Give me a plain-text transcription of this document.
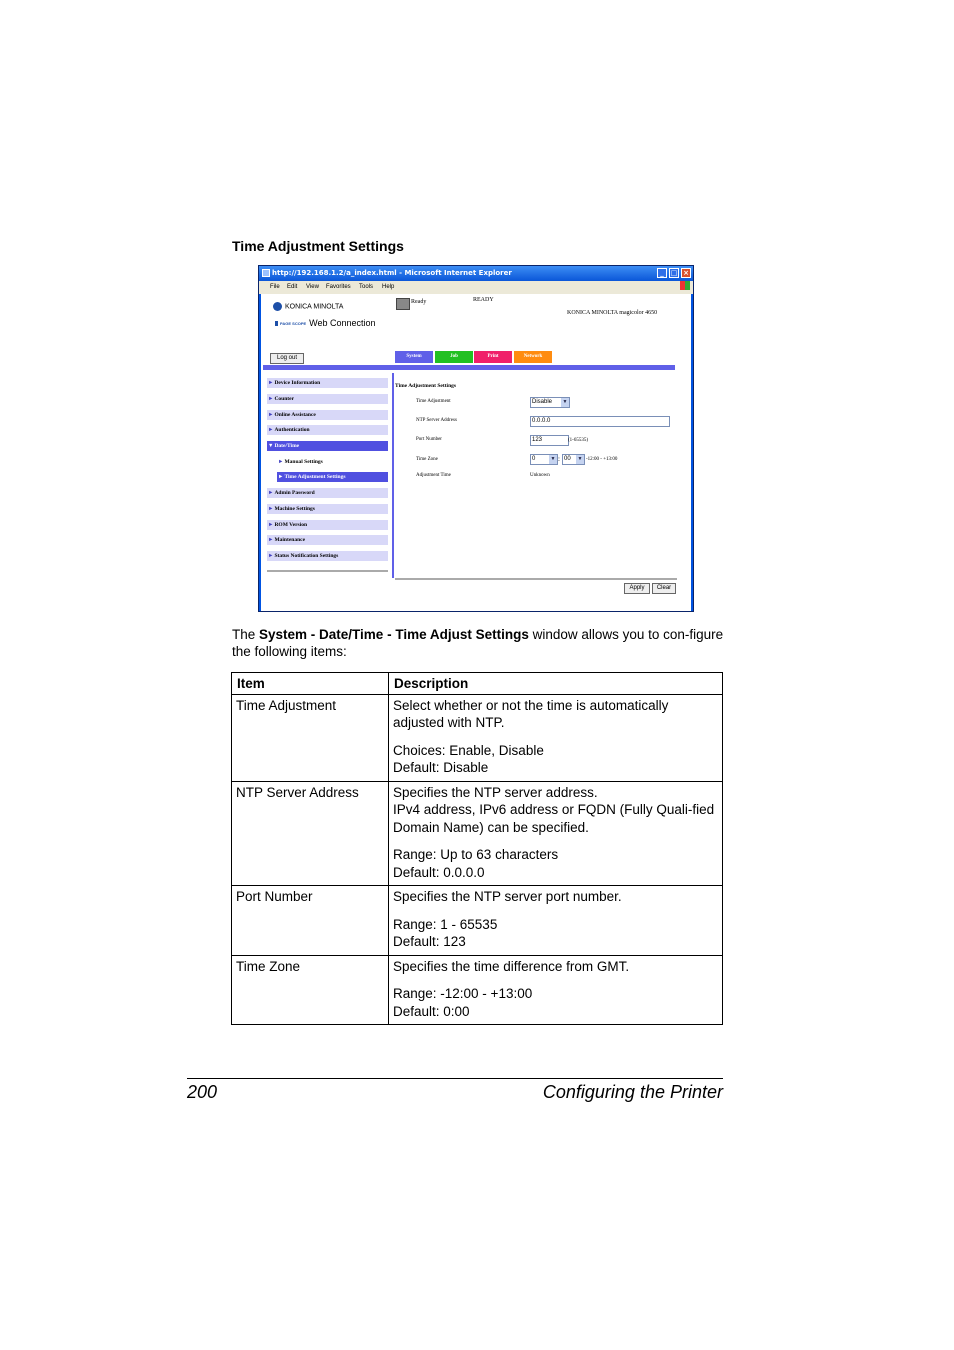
Time Adjustment Settings
http://192.168.1.2/a_index.html - Microsoft Internet Explorer	_ □ ×
File Edit View Favorites Tools Help
KONICA MINOLTA
PAGE SCOPE Web Connection
Ready	READY
KONICA MINOLTA magicolor 4650
Log out	System	Job	Print	Network
►Device Information
►Counter
►Online Assistance
►Authentication
▼Date/Time
►Manual Settings
►Time Adjustment Settings
►Admin Password
►Machine Settings
►ROM Version
►Maintenance
►Status Notification Settings
Time Adjustment Settings
Time Adjustment	Disable	▼
NTP Server Address	0.0.0.0
Port Number	123	(1-65535)
Time Zone	0	▼ : 00	▼ -12:00 - +13:00
Adjustment Time	Unknown
Apply	Clear
The System - Date/Time - Time Adjust Settings window allows you to con-figure the following items:
Item	Description
Time Adjustment	Select whether or not the time is automatically adjusted with NTP.
Choices: Enable, Disable
Default: Disable

NTP Server Address	Specifies the NTP server address.
IPv4 address, IPv6 address or FQDN (Fully Quali-fied Domain Name) can be specified.
Range: Up to 63 characters
Default: 0.0.0.0

Port Number	Specifies the NTP server port number.
Range: 1 - 65535
Default: 123

Time Zone	Specifies the time difference from GMT.
Range: -12:00 - +13:00
Default: 0:00
200	Configuring the Printer
